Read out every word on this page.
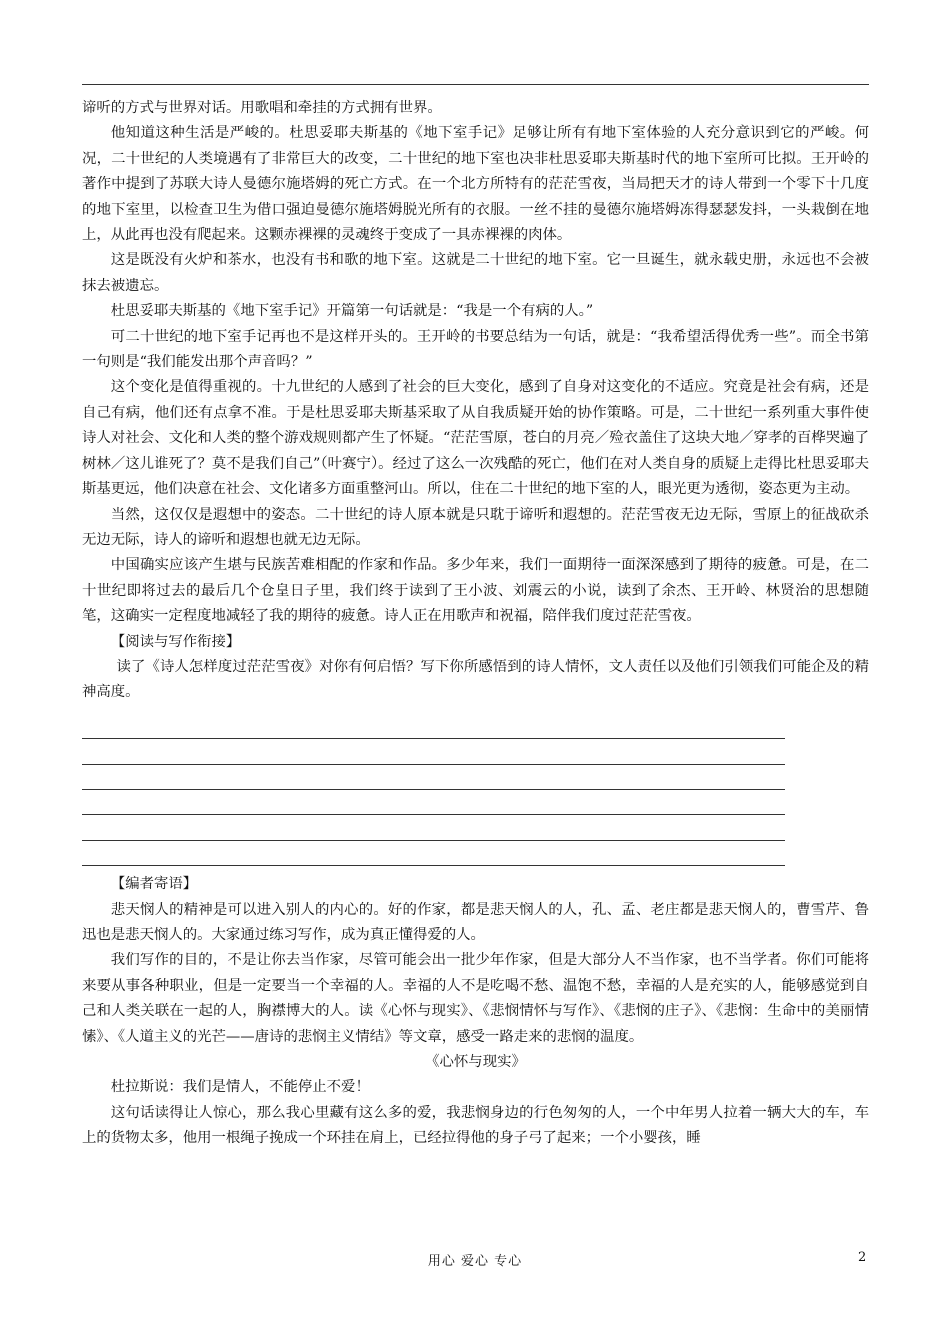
谛听的方式与世界对话。用歌唱和牵挂的方式拥有世界。

他知道这种生活是严峻的。杜思妥耶夫斯基的《地下室手记》足够让所有有地下室体验的人充分意识到它的严峻。何况，二十世纪的人类境遇有了非常巨大的改变，二十世纪的地下室也决非杜思妥耶夫斯基时代的地下室所可比拟。王开岭的著作中提到了苏联大诗人曼德尔施塔姆的死亡方式。在一个北方所特有的茫茫雪夜，当局把天才的诗人带到一个零下十几度的地下室里，以检查卫生为借口强迫曼德尔施塔姆脱光所有的衣服。一丝不挂的曼德尔施塔姆冻得瑟瑟发抖，一头栽倒在地上，从此再也没有爬起来。这颗赤裸裸的灵魂终于变成了一具赤裸裸的肉体。

这是既没有火炉和茶水，也没有书和歌的地下室。这就是二十世纪的地下室。它一旦诞生，就永载史册，永远也不会被抹去被遗忘。

杜思妥耶夫斯基的《地下室手记》开篇第一句话就是：“我是一个有病的人。”

可二十世纪的地下室手记再也不是这样开头的。王开岭的书要总结为一句话，就是：“我希望活得优秀一些”。而全书第一句则是“我们能发出那个声音吗？”

这个变化是值得重视的。十九世纪的人感到了社会的巨大变化，感到了自身对这变化的不适应。究竟是社会有病，还是自己有病，他们还有点拿不准。于是杜思妥耶夫斯基采取了从自我质疑开始的协作策略。可是，二十世纪一系列重大事件使诗人对社会、文化和人类的整个游戏规则都产生了怀疑。“茫茫雪原，苍白的月亮／殓衣盖住了这块大地／穿孝的百桦哭遍了树林／这儿谁死了？莫不是我们自己”（叶赛宁）。经过了这么一次残酷的死亡，他们在对人类自身的质疑上走得比杜思妥耶夫斯基更远，他们决意在社会、文化诸多方面重整河山。所以，住在二十世纪的地下室的人，眼光更为透彻，姿态更为主动。

当然，这仅仅是遐想中的姿态。二十世纪的诗人原本就是只耽于谛听和遐想的。茫茫雪夜无边无际，雪原上的征战砍杀无边无际，诗人的谛听和遐想也就无边无际。

中国确实应该产生堪与民族苦难相配的作家和作品。多少年来，我们一面期待一面深深感到了期待的疲惫。可是，在二十世纪即将过去的最后几个仓皇日子里，我们终于读到了王小波、刘震云的小说，读到了余杰、王开岭、林贤治的思想随笔，这确实一定程度地减轻了我的期待的疲惫。诗人正在用歌声和祝福，陪伴我们度过茫茫雪夜。

【阅读与写作衔接】

读了《诗人怎样度过茫茫雪夜》对你有何启悟？写下你所感悟到的诗人情怀，文人责任以及他们引领我们可能企及的精神高度。

【编者寄语】

悲天悯人的精神是可以进入别人的内心的。好的作家，都是悲天悯人的人，孔、孟、老庄都是悲天悯人的，曹雪芹、鲁迅也是悲天悯人的。大家通过练习写作，成为真正懂得爱的人。

我们写作的目的，不是让你去当作家，尽管可能会出一批少年作家，但是大部分人不当作家，也不当学者。你们可能将来要从事各种职业，但是一定要当一个幸福的人。幸福的人不是吃喝不愁、温饱不愁，幸福的人是充实的人，能够感觉到自己和人类关联在一起的人，胸襟博大的人。读《心怀与现实》、《悲悯情怀与写作》、《悲悯的庄子》、《悲悯：生命中的美丽情愫》、《人道主义的光芒——唐诗的悲悯主义情结》等文章，感受一路走来的悲悯的温度。

《心怀与现实》

杜拉斯说：我们是情人，不能停止不爱！

这句话读得让人惊心，那么我心里藏有这么多的爱，我悲悯身边的行色匆匆的人，一个中年男人拉着一辆大大的车，车上的货物太多，他用一根绳子挽成一个环挂在肩上，已经拉得他的身子弓了起来；一个小婴孩，睡

用心 爱心 专心	2
